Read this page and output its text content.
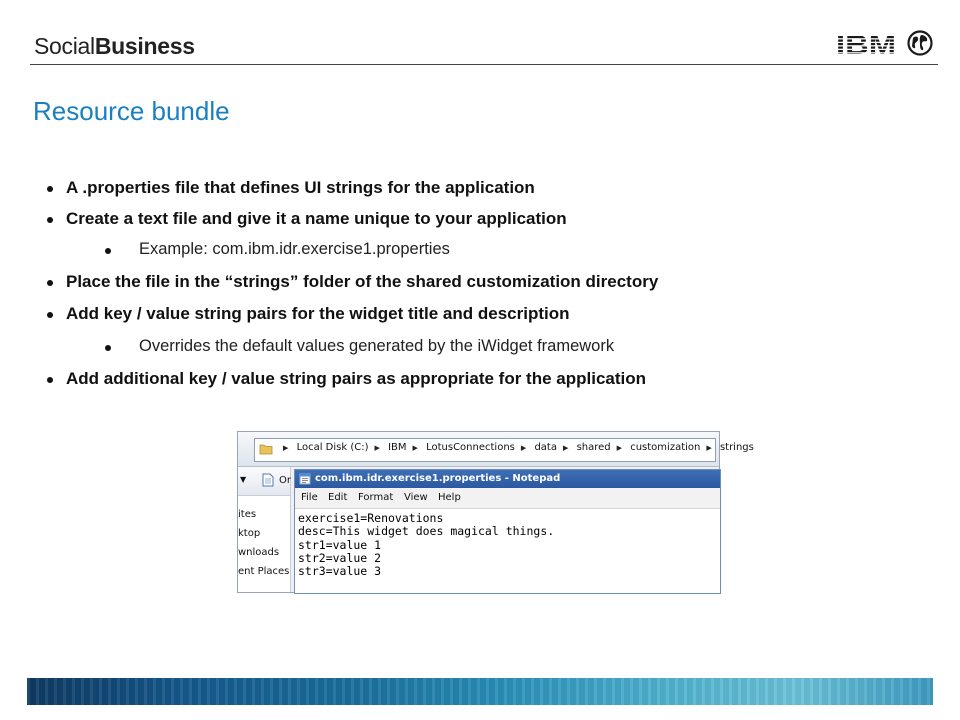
SocialBusiness	IBM
Resource bundle
A .properties file that defines UI strings for the application
Create a text file and give it a name unique to your application
Example: com.ibm.idr.exercise1.properties
Place the file in the “strings” folder of the shared customization directory
Add key / value string pairs for the widget title and description
Overrides the default values generated by the iWidget framework
Add additional key / value string pairs as appropriate for the application
▶ Local Disk (C:) ▶ IBM ▶ LotusConnections ▶ data ▶ shared ▶ customization ▶ strings
▼	Or
ites
ktop
wnloads
ent Places
com.ibm.idr.exercise1.properties - Notepad
File Edit Format View Help
exercise1=Renovations
desc=This widget does magical things.
str1=value 1
str2=value 2
str3=value 3
